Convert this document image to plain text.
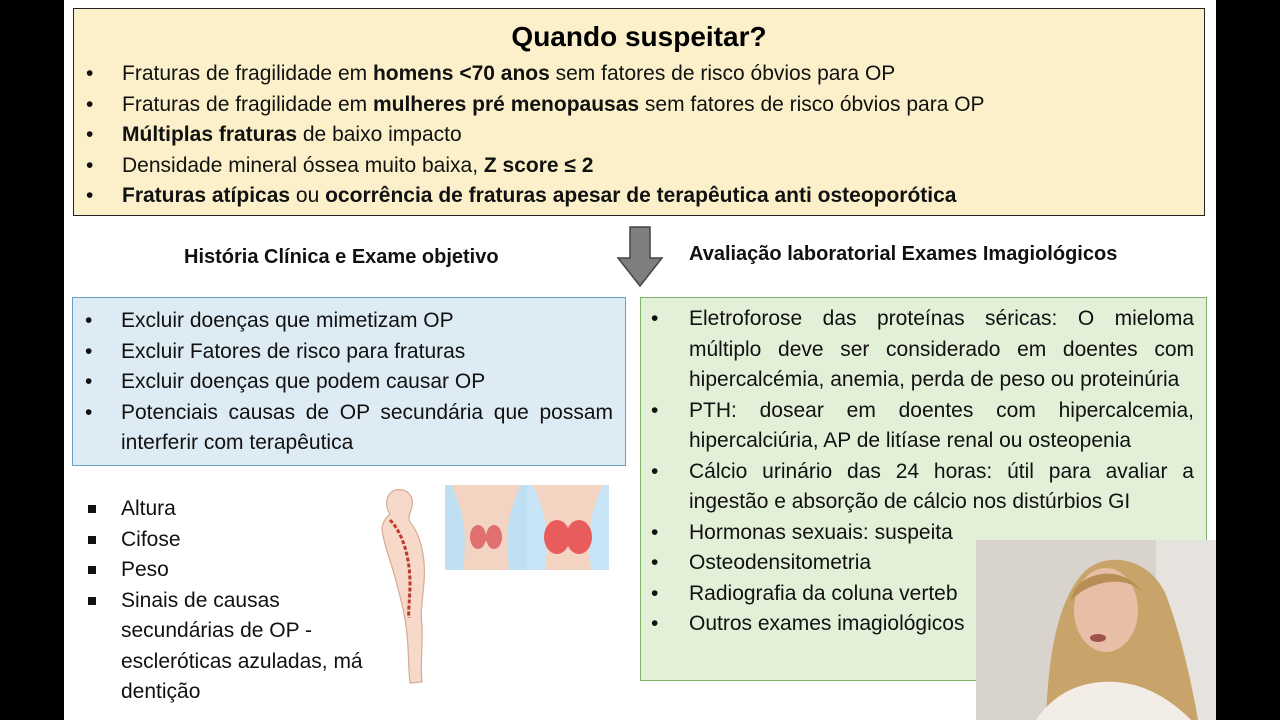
Quando suspeitar?
• Fraturas de fragilidade em homens <70 anos sem fatores de risco óbvios para OP
• Fraturas de fragilidade em mulheres pré menopausas sem fatores de risco óbvios para OP
• Múltiplas fraturas de baixo impacto
• Densidade mineral óssea muito baixa, Z score ≤ 2
• Fraturas atípicas ou ocorrência de fraturas apesar de terapêutica anti osteoporótica
História Clínica e Exame objetivo	Avaliação laboratorial Exames Imagiológicos
• Excluir doenças que mimetizam OP
• Excluir Fatores de risco para fraturas
• Excluir doenças que podem causar OP
• Potenciais causas de OP secundária que possam interferir com terapêutica
• Eletroforose das proteínas séricas: O mieloma múltiplo deve ser considerado em doentes com hipercalcémia, anemia, perda de peso ou proteinúria
• PTH: dosear em doentes com hipercalcemia, hipercalciúria, AP de litíase renal ou osteopenia
• Cálcio urinário das 24 horas: útil para avaliar a ingestão e absorção de cálcio nos distúrbios GI
• Hormonas sexuais: suspeita
• Osteodensitometria
• Radiografia da coluna verteb
• Outros exames imagiológicos
Altura
Cifose
Peso
Sinais de causas secundárias de OP - escleróticas azuladas, má dentição
